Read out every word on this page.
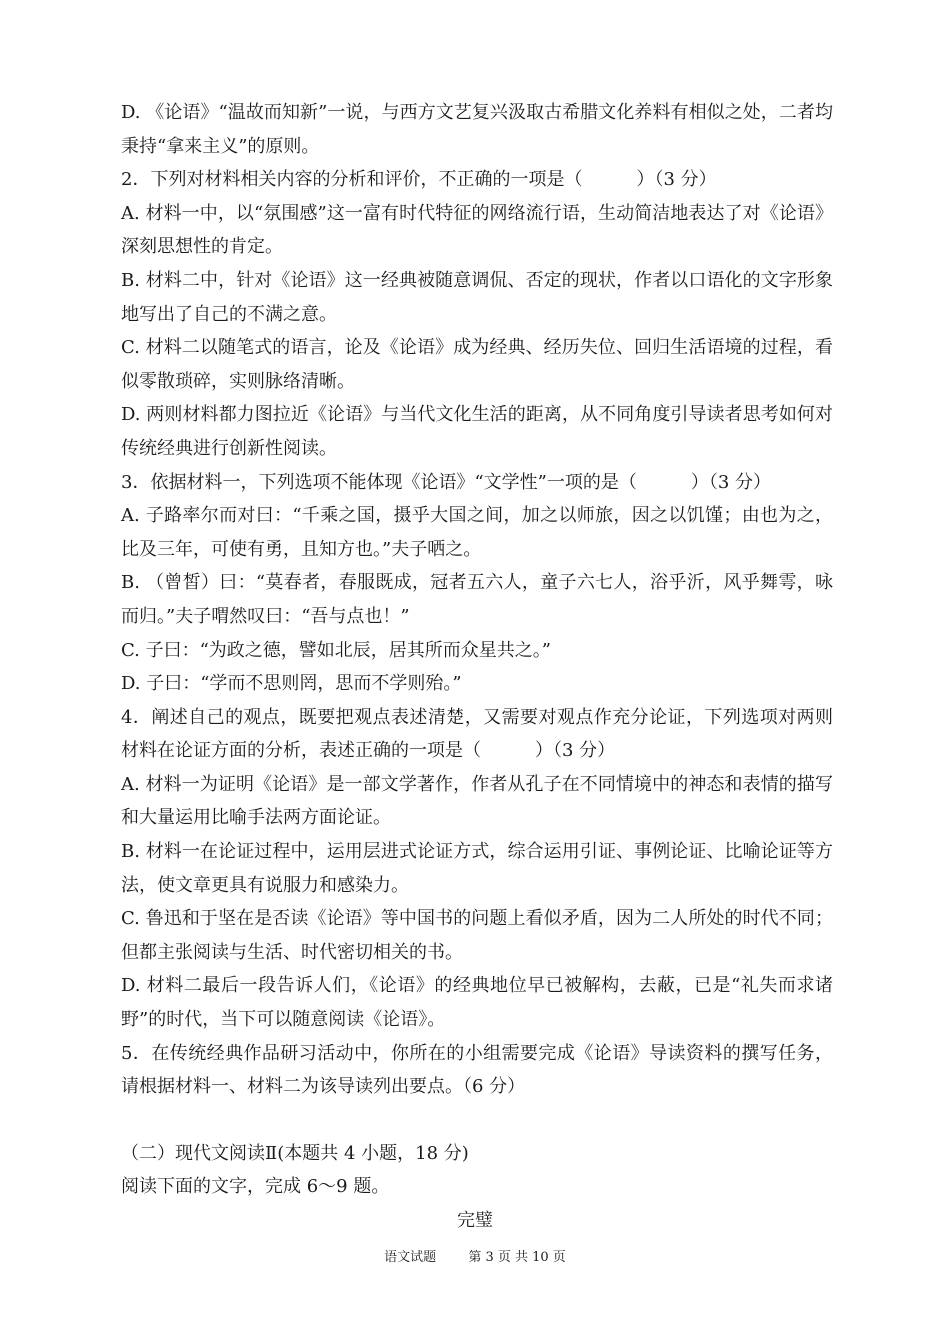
D. 《论语》“温故而知新”一说，与西方文艺复兴汲取古希腊文化养料有相似之处，二者均秉持“拿来主义”的原则。

2．下列对材料相关内容的分析和评价，不正确的一项是（　　　）（3 分）

A. 材料一中，以“氛围感”这一富有时代特征的网络流行语，生动简洁地表达了对《论语》深刻思想性的肯定。

B. 材料二中，针对《论语》这一经典被随意调侃、否定的现状，作者以口语化的文字形象地写出了自己的不满之意。

C. 材料二以随笔式的语言，论及《论语》成为经典、经历失位、回归生活语境的过程，看似零散琐碎，实则脉络清晰。

D. 两则材料都力图拉近《论语》与当代文化生活的距离，从不同角度引导读者思考如何对传统经典进行创新性阅读。

3．依据材料一，下列选项不能体现《论语》“文学性”一项的是（　　　）（3 分）

A. 子路率尔而对曰：“千乘之国，摄乎大国之间，加之以师旅，因之以饥馑；由也为之，比及三年，可使有勇，且知方也。”夫子哂之。

B. （曾皙）曰：“莫春者，春服既成，冠者五六人，童子六七人，浴乎沂，风乎舞雩，咏而归。”夫子喟然叹曰：“吾与点也！”

C. 子曰：“为政之德，譬如北辰，居其所而众星共之。”

D. 子曰：“学而不思则罔，思而不学则殆。”

4．阐述自己的观点，既要把观点表述清楚，又需要对观点作充分论证，下列选项对两则材料在论证方面的分析，表述正确的一项是（　　　）（3 分）

A. 材料一为证明《论语》是一部文学著作，作者从孔子在不同情境中的神态和表情的描写和大量运用比喻手法两方面论证。

B. 材料一在论证过程中，运用层进式论证方式，综合运用引证、事例论证、比喻论证等方法，使文章更具有说服力和感染力。

C. 鲁迅和于坚在是否读《论语》等中国书的问题上看似矛盾，因为二人所处的时代不同；但都主张阅读与生活、时代密切相关的书。

D. 材料二最后一段告诉人们，《论语》的经典地位早已被解构，去蔽，已是“礼失而求诸野”的时代，当下可以随意阅读《论语》。

5．在传统经典作品研习活动中，你所在的小组需要完成《论语》导读资料的撰写任务，请根据材料一、材料二为该导读列出要点。（6 分）

（二）现代文阅读Ⅱ(本题共 4 小题，18 分)

阅读下面的文字，完成 6～9 题。

完璧
语文试题 第 3 页 共 10 页
